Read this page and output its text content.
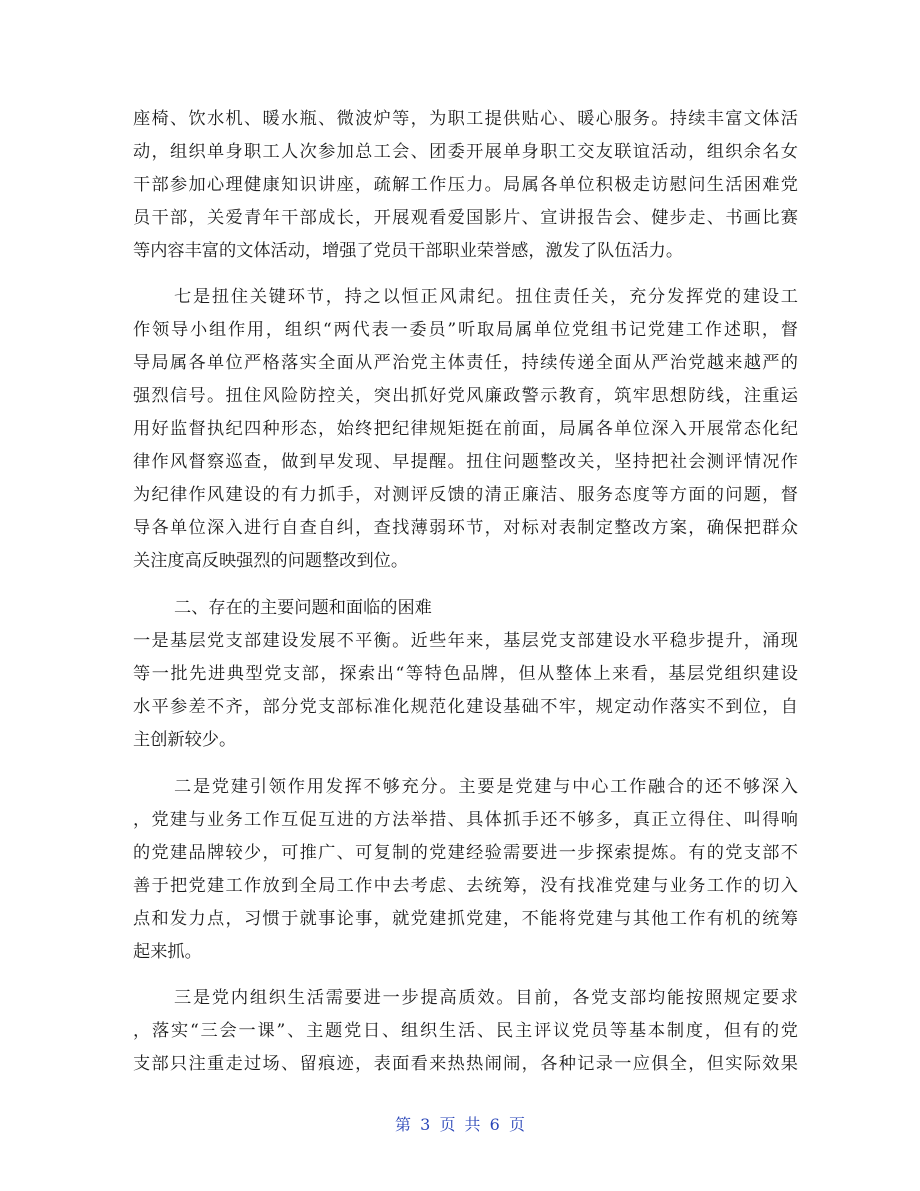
座椅、饮水机、暖水瓶、微波炉等，为职工提供贴心、暖心服务。持续丰富文体活
动，组织单身职工人次参加总工会、团委开展单身职工交友联谊活动，组织余名女
干部参加心理健康知识讲座，疏解工作压力。局属各单位积极走访慰问生活困难党
员干部，关爱青年干部成长，开展观看爱国影片、宣讲报告会、健步走、书画比赛
等内容丰富的文体活动，增强了党员干部职业荣誉感，激发了队伍活力。
七是扭住关键环节，持之以恒正风肃纪。扭住责任关，充分发挥党的建设工
作领导小组作用，组织“两代表一委员”听取局属单位党组书记党建工作述职，督
导局属各单位严格落实全面从严治党主体责任，持续传递全面从严治党越来越严的
强烈信号。扭住风险防控关，突出抓好党风廉政警示教育，筑牢思想防线，注重运
用好监督执纪四种形态，始终把纪律规矩挺在前面，局属各单位深入开展常态化纪
律作风督察巡查，做到早发现、早提醒。扭住问题整改关，坚持把社会测评情况作
为纪律作风建设的有力抓手，对测评反馈的清正廉洁、服务态度等方面的问题，督
导各单位深入进行自查自纠，查找薄弱环节，对标对表制定整改方案，确保把群众
关注度高反映强烈的问题整改到位。
二、存在的主要问题和面临的困难
一是基层党支部建设发展不平衡。近些年来，基层党支部建设水平稳步提升，涌现
等一批先进典型党支部，探索出“等特色品牌，但从整体上来看，基层党组织建设
水平参差不齐，部分党支部标准化规范化建设基础不牢，规定动作落实不到位，自
主创新较少。
二是党建引领作用发挥不够充分。主要是党建与中心工作融合的还不够深入
，党建与业务工作互促互进的方法举措、具体抓手还不够多，真正立得住、叫得响
的党建品牌较少，可推广、可复制的党建经验需要进一步探索提炼。有的党支部不
善于把党建工作放到全局工作中去考虑、去统筹，没有找准党建与业务工作的切入
点和发力点，习惯于就事论事，就党建抓党建，不能将党建与其他工作有机的统筹
起来抓。
三是党内组织生活需要进一步提高质效。目前，各党支部均能按照规定要求
，落实“三会一课”、主题党日、组织生活、民主评议党员等基本制度，但有的党
支部只注重走过场、留痕迹，表面看来热热闹闹，各种记录一应俱全，但实际效果
第 3 页 共 6 页
